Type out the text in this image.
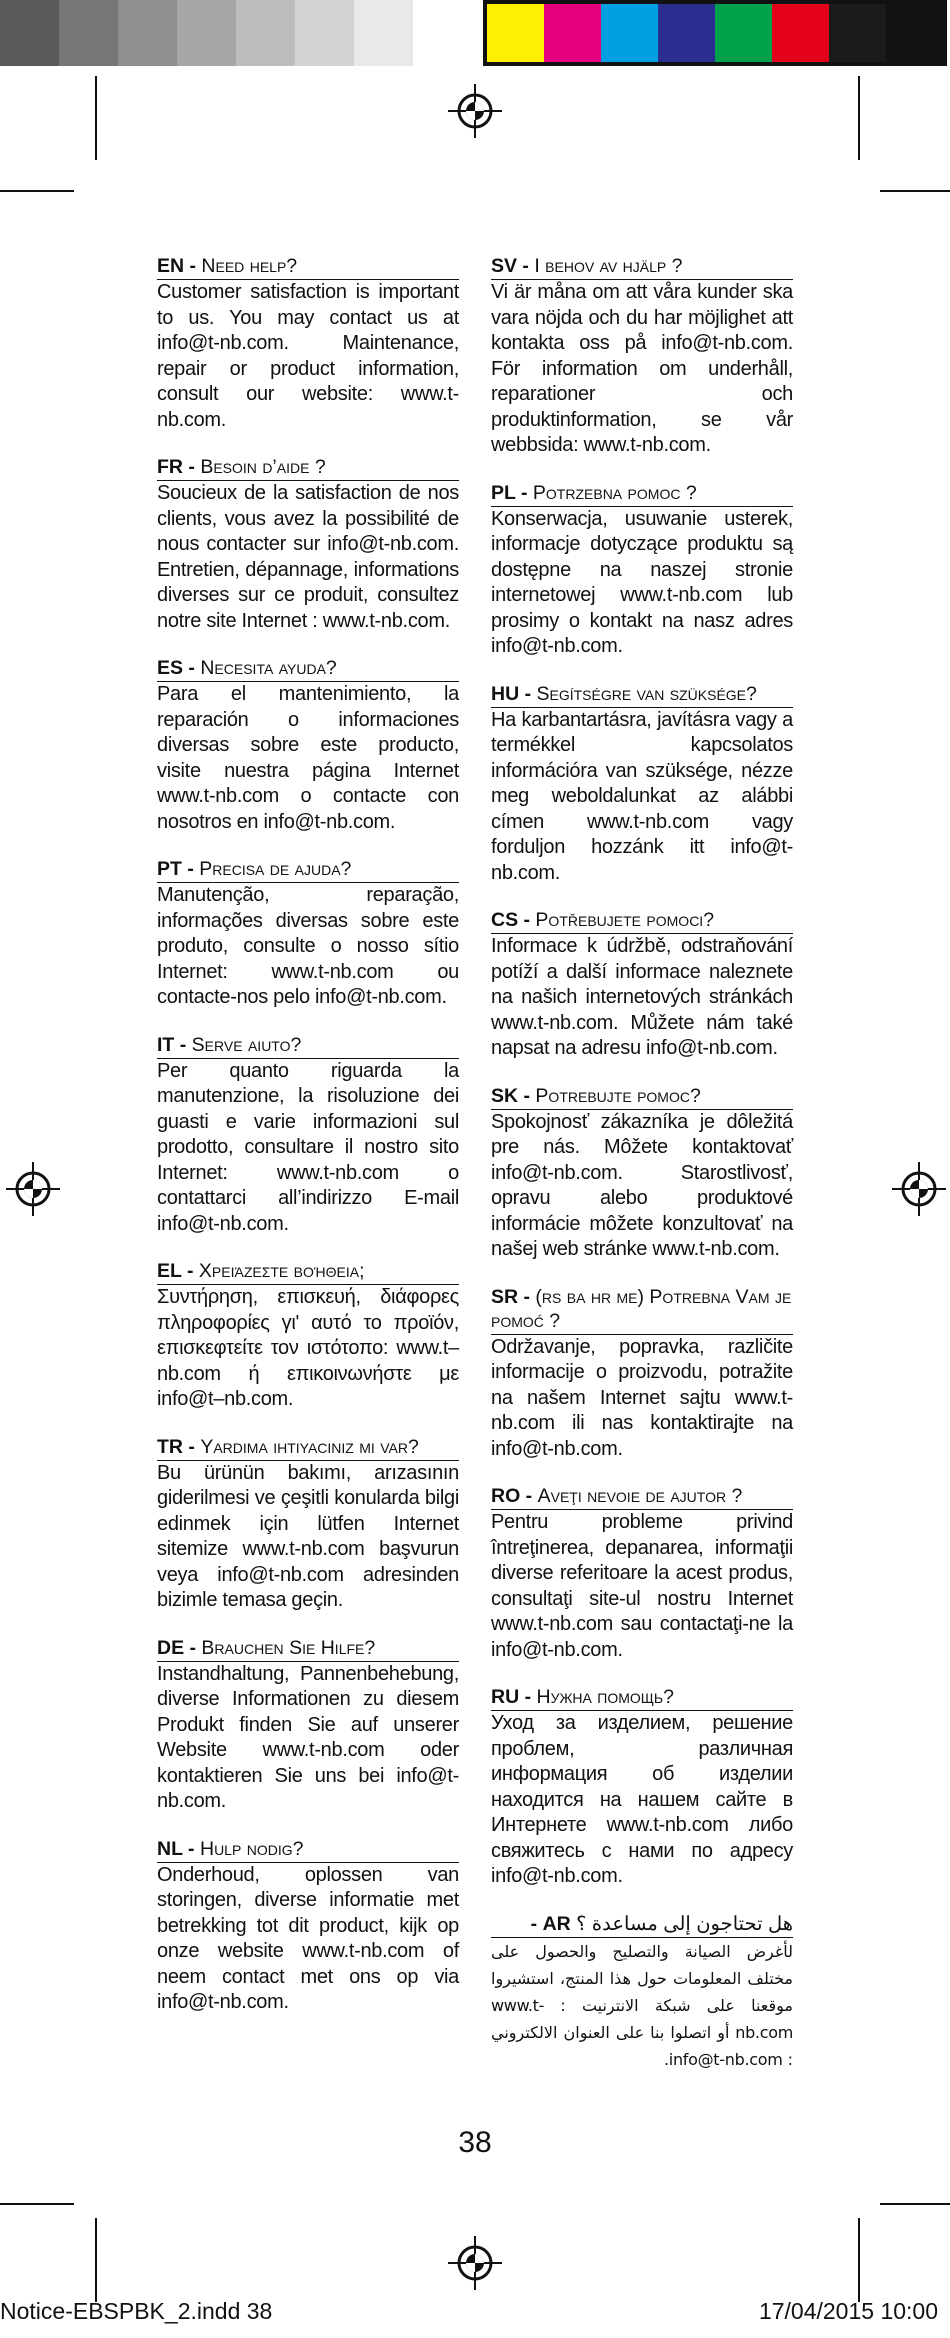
EN - Need help?
Customer satisfaction is important to us. You may contact us at info@t-nb.com. Maintenance, repair or product information, consult our website: www.t-nb.com.
FR - Besoin d’aide ?
Soucieux de la satisfaction de nos clients, vous avez la possibilité de nous contacter sur info@t-nb.com. Entretien, dépannage, informations diverses sur ce produit, consultez notre site Internet : www.t-nb.com.
ES - Necesita ayuda?
Para el mantenimiento, la reparación o informaciones diversas sobre este producto, visite nuestra página Internet www.t-nb.com o contacte con nosotros en info@t-nb.com.
PT - Precisa de ajuda?
Manutenção, reparação, informações diversas sobre este produto, consulte o nosso sítio Internet: www.t-nb.com ou contacte-nos pelo info@t-nb.com.
IT - Serve aiuto?
Per quanto riguarda la manutenzione, la risoluzione dei guasti e varie informazioni sul prodotto, consultare il nostro sito Internet: www.t-nb.com o contattarci all’indirizzo E-mail info@t-nb.com.
EL - Χρειάζεστε βοήθεια;
Συντήρηση, επισκευή, διάφορες πληροφορίες γι' αυτό το προϊόν, επισκεφτείτε τον ιστότοπο: www.t–nb.com ή επικοινωνήστε με info@t–nb.com.
TR - Yardima ihtiyaciniz mi var?
Bu ürünün bakımı, arızasının giderilmesi ve çeşitli konularda bilgi edinmek için lütfen Internet sitemize www.t-nb.com başvurun veya info@t-nb.com adresinden bizimle temasa geçin.
DE - Brauchen Sie Hilfe?
Instandhaltung, Pannenbehebung, diverse Informationen zu diesem Produkt finden Sie auf unserer Website www.t-nb.com oder kontaktieren Sie uns bei info@t-nb.com.
NL - Hulp nodig?
Onderhoud, oplossen van storingen, diverse informatie met betrekking tot dit product, kijk op onze website www.t-nb.com of neem contact met ons op via info@t-nb.com.
SV - I behov av hjälp ?
Vi är måna om att våra kunder ska vara nöjda och du har möjlighet att kontakta oss på info@t-nb.com. För information om underhåll, reparationer och produktinformation, se vår webbsida: www.t-nb.com.
PL - Potrzebna pomoc ?
Konserwacja, usuwanie usterek, informacje dotyczące produktu są dostępne na naszej stronie internetowej www.t-nb.com lub prosimy o kontakt na nasz adres info@t-nb.com.
HU - Segítségre van szüksége?
Ha karbantartásra, javításra vagy a termékkel kapcsolatos információra van szüksége, nézze meg weboldalunkat az alábbi címen www.t-nb.com vagy forduljon hozzánk itt info@t-nb.com.
CS - Potřebujete pomoci?
Informace k údržbě, odstraňování potíží a další informace naleznete na našich internetových stránkách www.t-nb.com. Můžete nám také napsat na adresu info@t-nb.com.
SK - Potrebujte pomoc?
Spokojnosť zákazníka je dôležitá pre nás. Môžete kontaktovať info@t-nb.com. Starostlivosť, opravu alebo produktové informácie môžete konzultovať na našej web stránke www.t-nb.com.
SR - (rs ba hr me) Potrebna Vam je pomoć ?
Održavanje, popravka, različite informacije o proizvodu, potražite na našem Internet sajtu www.t-nb.com ili nas kontaktirajte na info@t-nb.com.
RO - Aveţi nevoie de ajutor ?
Pentru probleme privind întreţinerea, depanarea, informaţii diverse referitoare la acest produs, consultaţi site-ul nostru Internet www.t-nb.com sau contactaţi-ne la info@t-nb.com.
RU - Нужна помощь?
Уход за изделием, решение проблем, различная информация об изделии находится на нашем сайте в Интернете www.t-nb.com либо свяжитесь с нами по адресу info@t-nb.com.
هل تحتاجون إلى مساعدة ؟ AR -
لأغرض الصيانة والتصليح والحصول على مختلف المعلومات حول هذا المنتج، استشيروا موقعنا على شبكة الانترنيت : www.t-nb.com أو اتصلوا بنا على العنوان الالكتروني : info@t-nb.com.
38
Notice-EBSPBK_2.indd 38	17/04/2015 10:00
